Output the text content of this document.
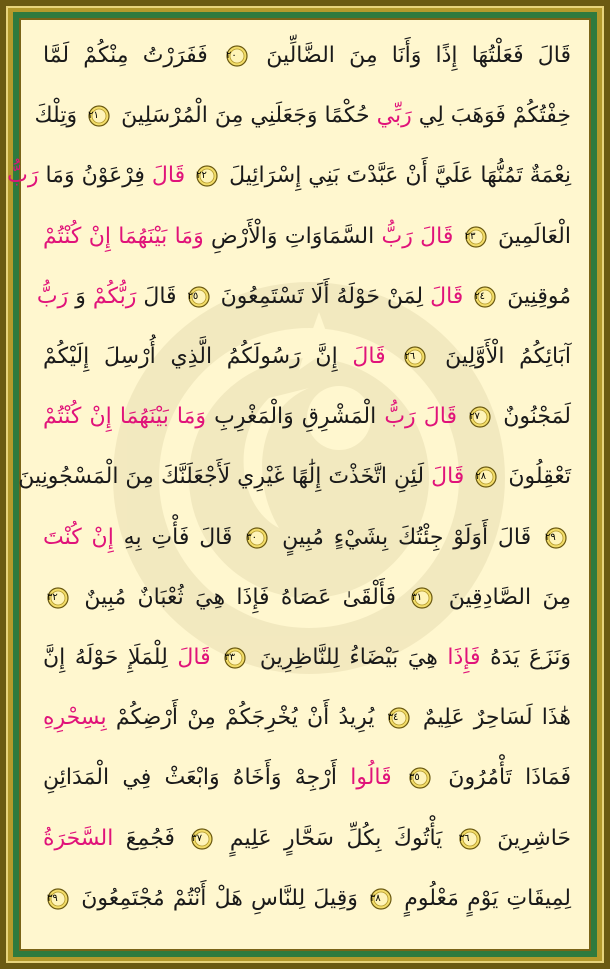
قَالَ فَعَلْتُهَا إِذًا وَأَنَا مِنَ الضَّالِّينَ
٢٠
فَفَرَرْتُ مِنْكُمْ لَمَّا
خِفْتُكُمْ فَوَهَبَ لِي رَبِّي حُكْمًا وَجَعَلَنِي مِنَ الْمُرْسَلِينَ
٢١
وَتِلْكَ
نِعْمَةٌ تَمُنُّهَا عَلَيَّ أَنْ عَبَّدْتَ بَنِي إِسْرَائِيلَ
٢٢
قَالَ فِرْعَوْنُ وَمَا رَبُّ
الْعَالَمِينَ
٢٣
قَالَ رَبُّ السَّمَاوَاتِ وَالْأَرْضِ وَمَا بَيْنَهُمَا إِنْ كُنْتُمْ
مُوقِنِينَ
٢٤
قَالَ لِمَنْ حَوْلَهُ أَلَا تَسْتَمِعُونَ
٢٥
قَالَ رَبُّكُمْ وَ رَبُّ
آبَائِكُمُ الْأَوَّلِينَ
٢٦
قَالَ إِنَّ رَسُولَكُمُ الَّذِي أُرْسِلَ إِلَيْكُمْ
لَمَجْنُونٌ
٢٧
قَالَ رَبُّ الْمَشْرِقِ وَالْمَغْرِبِ وَمَا بَيْنَهُمَا إِنْ كُنْتُمْ
تَعْقِلُونَ
٢٨
قَالَ لَئِنِ اتَّخَذْتَ إِلَٰهًا غَيْرِي لَأَجْعَلَنَّكَ مِنَ الْمَسْجُونِينَ
٢٩
قَالَ أَوَلَوْ جِئْتُكَ بِشَيْءٍ مُبِينٍ
٣٠
قَالَ فَأْتِ بِهِ إِنْ كُنْتَ
مِنَ الصَّادِقِينَ
٣١
فَأَلْقَىٰ عَصَاهُ فَإِذَا هِيَ ثُعْبَانٌ مُبِينٌ
٣٢
وَنَزَعَ يَدَهُ فَإِذَا هِيَ بَيْضَاءُ لِلنَّاظِرِينَ
٣٣
قَالَ لِلْمَلَإِ حَوْلَهُ إِنَّ
هَٰذَا لَسَاحِرٌ عَلِيمٌ
٣٤
يُرِيدُ أَنْ يُخْرِجَكُمْ مِنْ أَرْضِكُمْ بِسِحْرِهِ
فَمَاذَا تَأْمُرُونَ
٣٥
قَالُوا أَرْجِهْ وَأَخَاهُ وَابْعَثْ فِي الْمَدَائِنِ
حَاشِرِينَ
٣٦
يَأْتُوكَ بِكُلِّ سَحَّارٍ عَلِيمٍ
٣٧
فَجُمِعَ السَّحَرَةُ
لِمِيقَاتِ يَوْمٍ مَعْلُومٍ
٣٨
وَقِيلَ لِلنَّاسِ هَلْ أَنْتُمْ مُجْتَمِعُونَ
٣٩
